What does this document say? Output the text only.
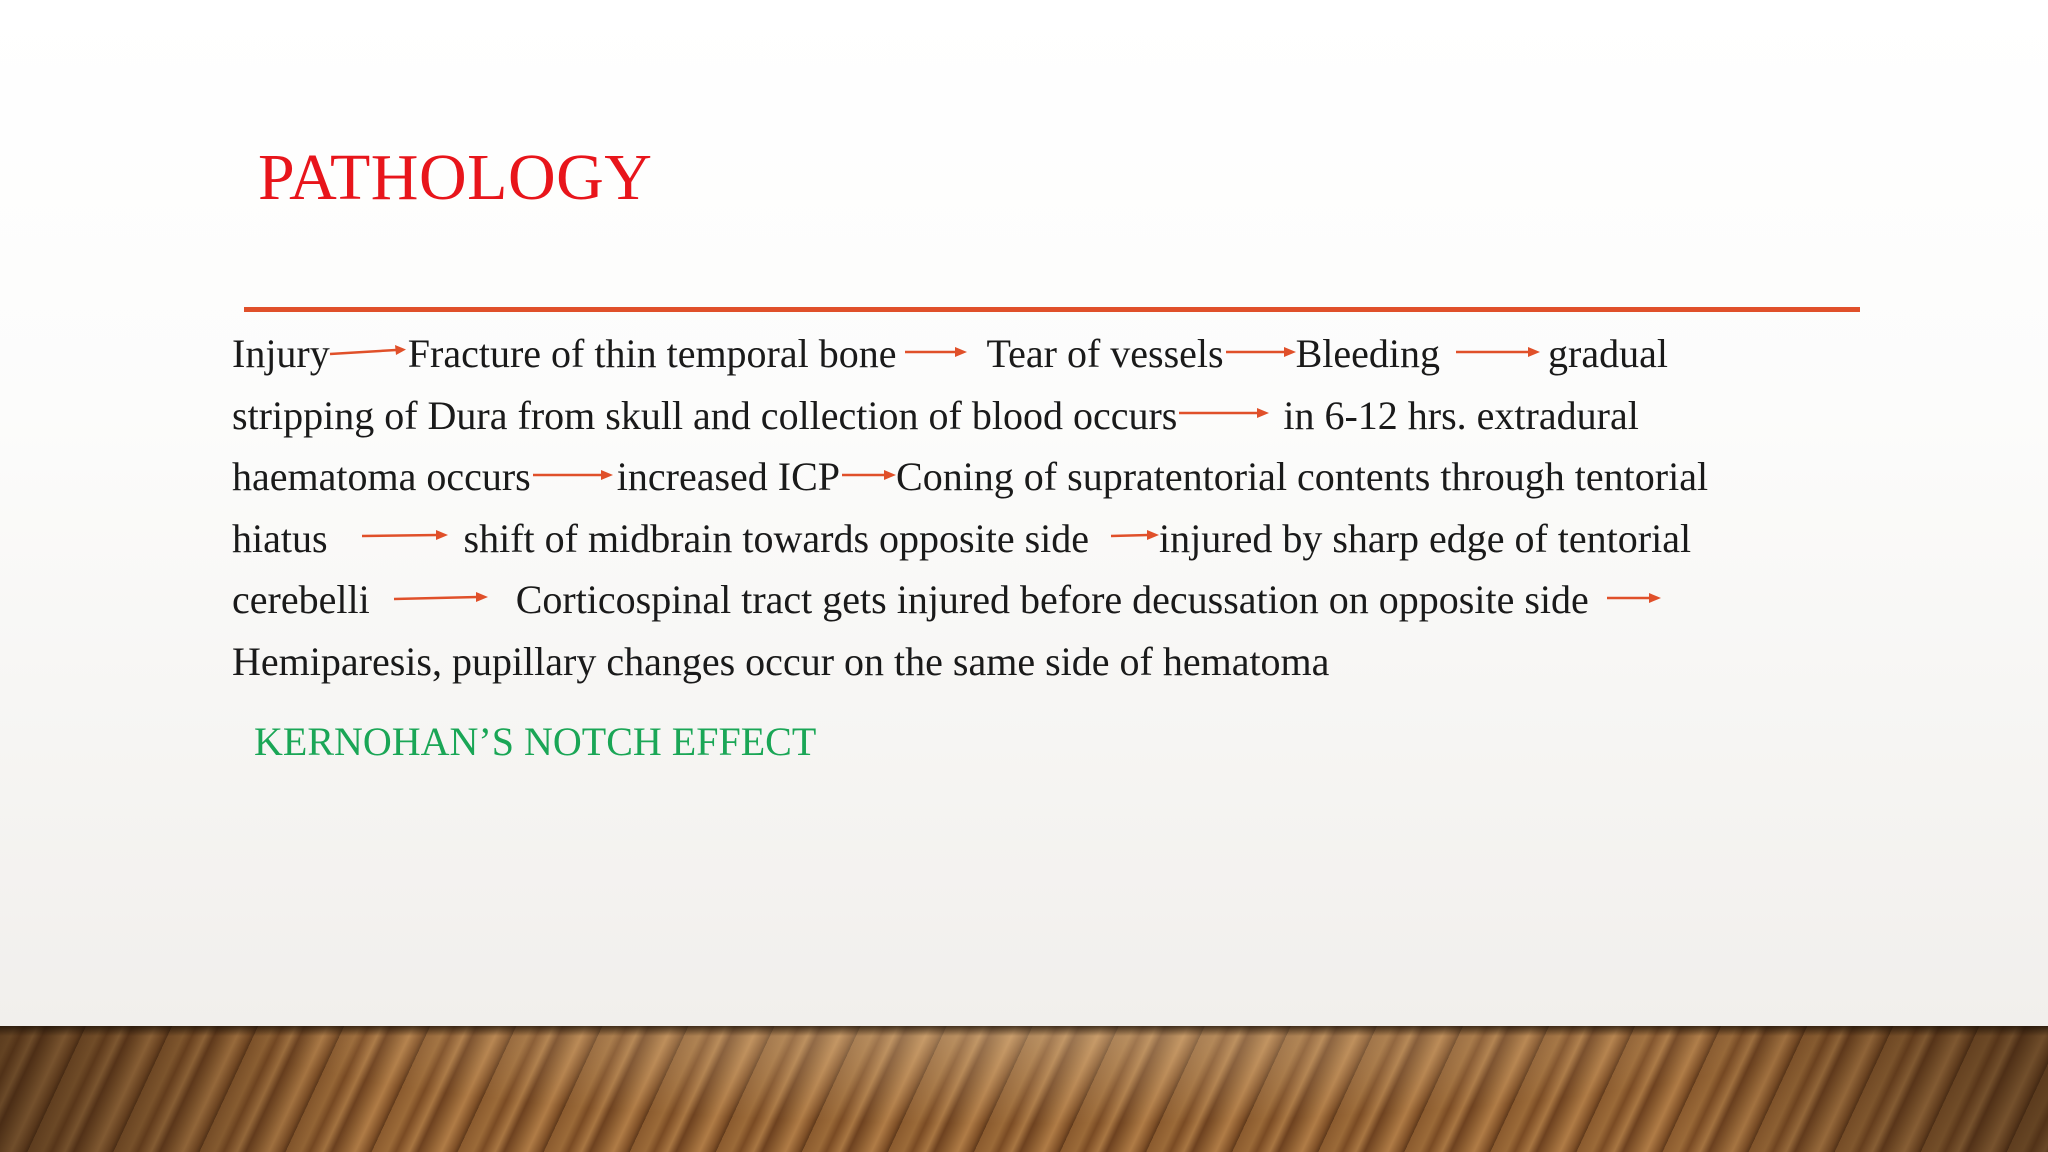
PATHOLOGY
Injury Fracture of thin temporal bone Tear of vessels Bleeding	gradual
stripping of Dura from skull and collection of blood occurs	in 6-12 hrs. extradural
haematoma occurs increased ICP Coning of supratentorial contents through tentorial
hiatus	shift of midbrain towards opposite side injured by sharp edge of tentorial
cerebelli	Corticospinal tract gets injured before decussation on opposite side
Hemiparesis, pupillary changes occur on the same side of hematoma
KERNOHAN’S NOTCH EFFECT
